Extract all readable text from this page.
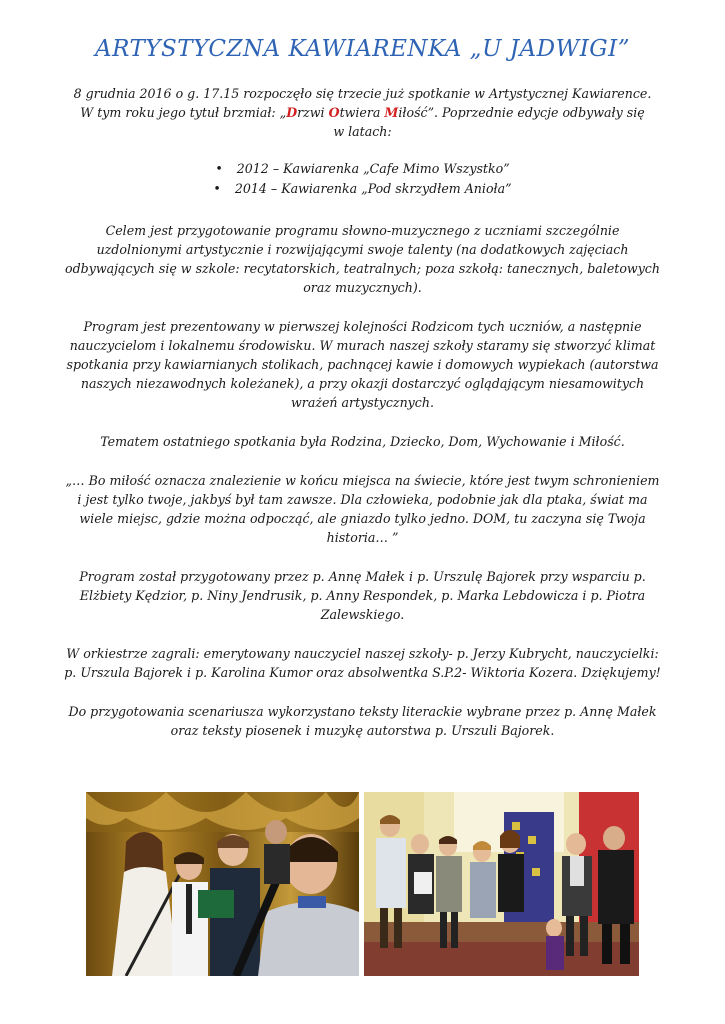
ARTYSTYCZNA KAWIARENKA „U JADWIGI”

8 grudnia 2016 o g. 17.15 rozpoczęło się trzecie już spotkanie w Artystycznej Kawiarence.
W tym roku jego tytuł brzmiał: „Drzwi Otwiera Miłość”. Poprzednie edycje odbywały się
w latach:

• 2012 – Kawiarenka „Cafe Mimo Wszystko”
• 2014 – Kawiarenka „Pod skrzydłem Anioła”

Celem jest przygotowanie programu słowno-muzycznego z uczniami szczególnie uzdolnionymi artystycznie i rozwijającymi swoje talenty (na dodatkowych zajęciach odbywających się w szkole: recytatorskich, teatralnych; poza szkołą: tanecznych, baletowych oraz muzycznych).

Program jest prezentowany w pierwszej kolejności Rodzicom tych uczniów, a następnie nauczycielom i lokalnemu środowisku. W murach naszej szkoły staramy się stworzyć klimat spotkania przy kawiarnianych stolikach, pachnącej kawie i domowych wypiekach (autorstwa naszych niezawodnych koleżanek), a przy okazji dostarczyć oglądającym niesamowitych wrażeń artystycznych.

Tematem ostatniego spotkania była Rodzina, Dziecko, Dom, Wychowanie i Miłość.

„… Bo miłość oznacza znalezienie w końcu miejsca na świecie, które jest twym schronieniem i jest tylko twoje, jakbyś był tam zawsze. Dla człowieka, podobnie jak dla ptaka, świat ma wiele miejsc, gdzie można odpocząć, ale gniazdo tylko jedno. DOM, tu zaczyna się Twoja historia… ”

Program został przygotowany przez p. Annę Małek i p. Urszulę Bajorek przy wsparciu p. Elżbiety Kędzior, p. Niny Jendrusik, p. Anny Respondek, p. Marka Lebdowicza i p. Piotra Zalewskiego.

W orkiestrze zagrali: emerytowany nauczyciel naszej szkoły- p. Jerzy Kubrycht, nauczycielki: p. Urszula Bajorek i p. Karolina Kumor oraz absolwentka S.P.2- Wiktoria Kozera. Dziękujemy!

Do przygotowania scenariusza wykorzystano teksty literackie wybrane przez p. Annę Małek oraz teksty piosenek i muzykę autorstwa p. Urszuli Bajorek.
